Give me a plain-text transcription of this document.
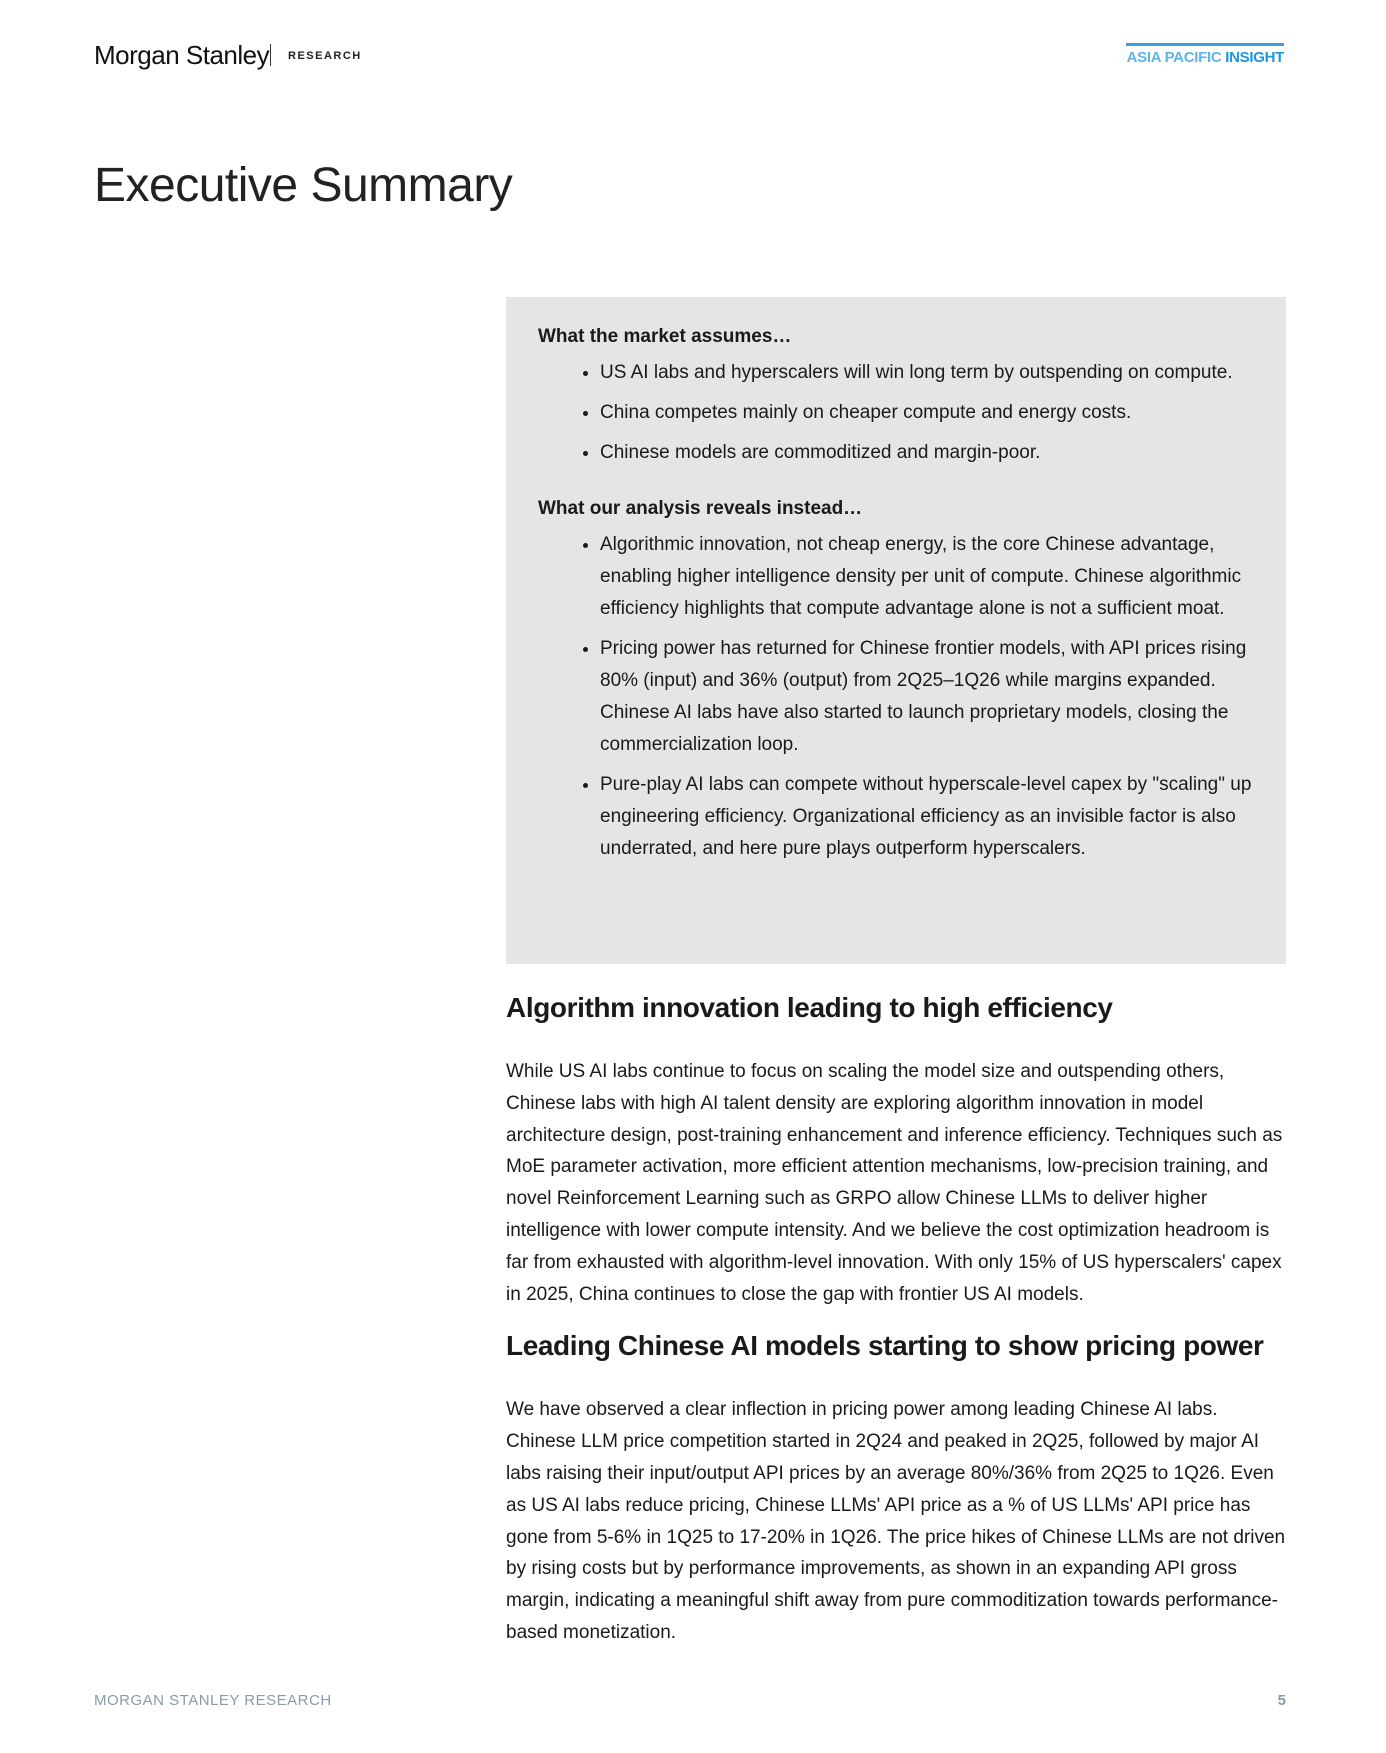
Morgan Stanley RESEARCH	ASIA PACIFIC INSIGHT
Executive Summary

What the market assumes…

• US AI labs and hyperscalers will win long term by outspending on compute.
• China competes mainly on cheaper compute and energy costs.
• Chinese models are commoditized and margin-poor.

What our analysis reveals instead…

• Algorithmic innovation, not cheap energy, is the core Chinese advantage, enabling higher intelligence density per unit of compute. Chinese algorithmic efficiency highlights that compute advantage alone is not a sufficient moat.
• Pricing power has returned for Chinese frontier models, with API prices rising 80% (input) and 36% (output) from 2Q25–1Q26 while margins expanded. Chinese AI labs have also started to launch proprietary models, closing the commercialization loop.
• Pure-play AI labs can compete without hyperscale-level capex by "scaling" up engineering efficiency. Organizational efficiency as an invisible factor is also underrated, and here pure plays outperform hyperscalers.
Algorithm innovation leading to high efficiency

While US AI labs continue to focus on scaling the model size and outspending others, Chinese labs with high AI talent density are exploring algorithm innovation in model architecture design, post-training enhancement and inference efficiency. Techniques such as MoE parameter activation, more efficient attention mechanisms, low-precision training, and novel Reinforcement Learning such as GRPO allow Chinese LLMs to deliver higher intelligence with lower compute intensity. And we believe the cost optimization headroom is far from exhausted with algorithm-level innovation. With only 15% of US hyperscalers' capex in 2025, China continues to close the gap with frontier US AI models.

Leading Chinese AI models starting to show pricing power

We have observed a clear inflection in pricing power among leading Chinese AI labs. Chinese LLM price competition started in 2Q24 and peaked in 2Q25, followed by major AI labs raising their input/output API prices by an average 80%/36% from 2Q25 to 1Q26. Even as US AI labs reduce pricing, Chinese LLMs' API price as a % of US LLMs' API price has gone from 5-6% in 1Q25 to 17-20% in 1Q26. The price hikes of Chinese LLMs are not driven by rising costs but by performance improvements, as shown in an expanding API gross margin, indicating a meaningful shift away from pure commoditization towards performance-based monetization.

MORGAN STANLEY RESEARCH	5
